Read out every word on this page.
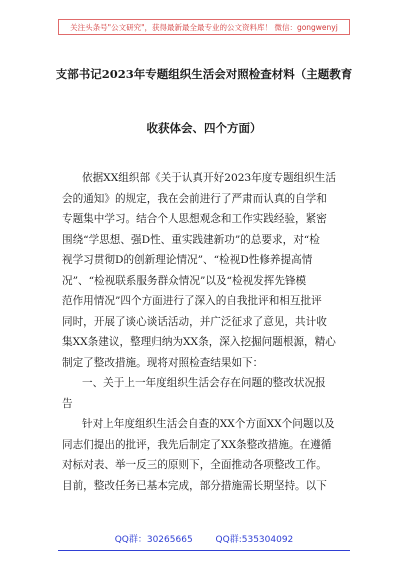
关注头条号"公文研究"，获得最新最全最专业的公文资料库！ 微信：gongwenyj
支部书记2023年专题组织生活会对照检查材料（主题教育
收获体会、四个方面）
依据XX组织部《关于认真开好2023年度专题组织生活
会的通知》的规定，我在会前进行了严肃而认真的自学和
专题集中学习。结合个人思想观念和工作实践经验，紧密
围绕“学思想、强D性、重实践建新功”的总要求，对“检
视学习贯彻D的创新理论情况”、“检视D性修养提高情
况”、“检视联系服务群众情况”以及“检视发挥先锋模
范作用情况”四个方面进行了深入的自我批评和相互批评
同时，开展了谈心谈话活动，并广泛征求了意见，共计收
集XX条建议，整理归纳为XX条，深入挖掘问题根源，精心
制定了整改措施。现将对照检查结果如下：
一、关于上一年度组织生活会存在问题的整改状况报
告
针对上年度组织生活会自查的XX个方面XX个问题以及
同志们提出的批评，我先后制定了XX条整改措施。在遵循
对标对表、举一反三的原则下，全面推动各项整改工作。
目前，整改任务已基本完成，部分措施需长期坚持。以下
QQ群：30265665	QQ群:535304092
